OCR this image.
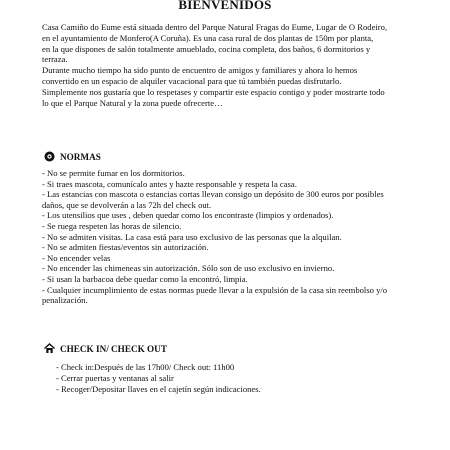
BIENVENIDOS

Casa Camiño do Eume está situada dentro del Parque Natural Fragas do Eume, Lugar de O Rodeiro,

en el ayuntamiento de Monfero(A Coruña). Es una casa rural de dos plantas de 150m por planta,

en la que dispones de salón totalmente amueblado, cocina completa, dos baños, 6 dormitorios y

terraza.

Durante mucho tiempo ha sido punto de encuentro de amigos y familiares y ahora lo hemos

convertido en un espacio de alquiler vacacional para que tú también puedas disfrutarlo.

Simplemente nos gustaría que lo respetases y compartir este espacio contigo y poder mostrarte todo

lo que el Parque Natural y la zona puede ofrecerte…

NORMAS
- No se permite fumar en los dormitorios.
- Si traes mascota, comunícalo antes y hazte responsable y respeta la casa.
- Las estancias con mascota o estancias cortas llevan consigo un depósito de 300 euros por posibles
daños, que se devolverán a las 72h del check out.
- Los utensilios que uses , deben quedar como los encontraste (limpios y ordenados).
- Se ruega respeten las horas de silencio.
- No se admiten visitas. La casa está para uso exclusivo de las personas que la alquilan.
- No se admiten fiestas/eventos sin autorización.
- No encender velas
- No encender las chimeneas sin autorización. Sólo son de uso exclusivo en invierno.
- Si usan la barbacoa debe quedar como la encontró, limpia.
- Cualquier incumplimiento de estas normas puede llevar a la expulsión de la casa sin reembolso y/o
penalización.
CHECK IN/ CHECK OUT
- Check in:Después de las 17h00/ Check out: 11h00
- Cerrar puertas y ventanas al salir
- Recoger/Depositar llaves en el cajetín según indicaciones.
